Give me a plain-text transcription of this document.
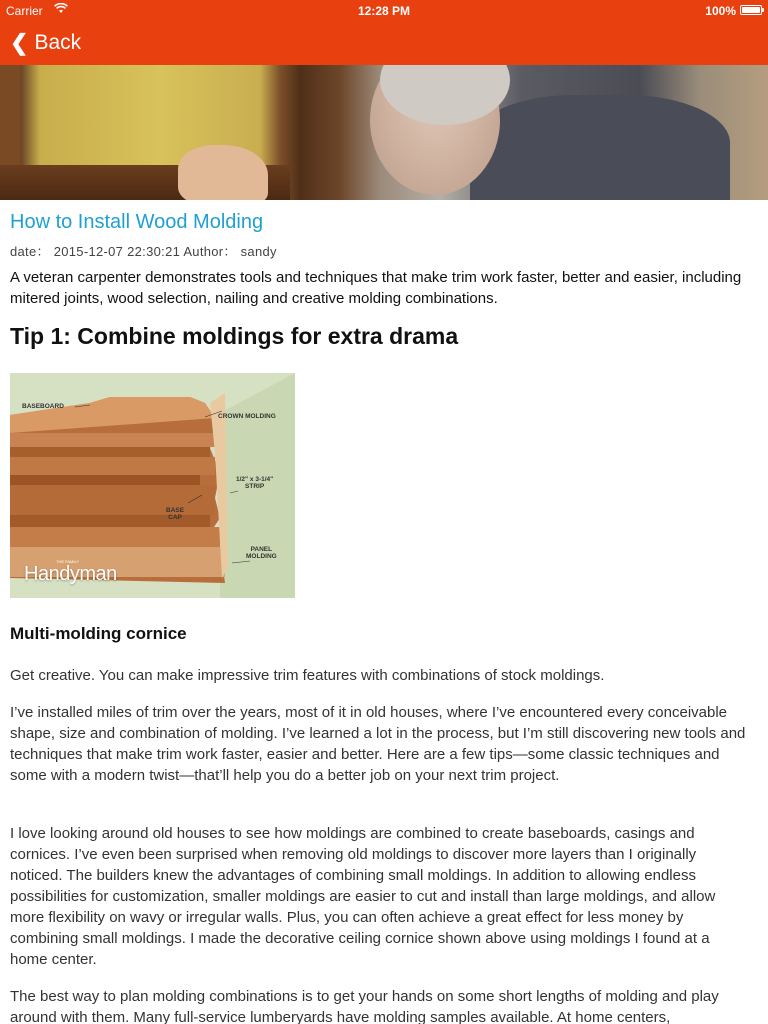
Carrier	12:28 PM	100%
❮ Back
How to Install Wood Molding
date： 2015-12-07 22:30:21 Author： sandy
A veteran carpenter demonstrates tools and techniques that make trim work faster, better and easier, including mitered joints, wood selection, nailing and creative molding combinations.
Tip 1: Combine moldings for extra drama
BASEBOARD
CROWN MOLDING
1/2" x 3-1/4"
STRIP
BASE
CAP
PANEL
MOLDING
THE FAMILY
Handyman
Multi-molding cornice
Get creative. You can make impressive trim features with combinations of stock moldings.
I’ve installed miles of trim over the years, most of it in old houses, where I’ve encountered every conceivable shape, size and combination of molding. I’ve learned a lot in the process, but I’m still discovering new tools and techniques that make trim work faster, easier and better. Here are a few tips—some classic techniques and some with a modern twist—that’ll help you do a better job on your next trim project.
I love looking around old houses to see how moldings are combined to create baseboards, casings and cornices. I’ve even been surprised when removing old moldings to discover more layers than I originally noticed. The builders knew the advantages of combining small moldings. In addition to allowing endless possibilities for customization, smaller moldings are easier to cut and install than large moldings, and allow more flexibility on wavy or irregular walls. Plus, you can often achieve a great effect for less money by combining small moldings. I made the decorative ceiling cornice shown above using moldings I found at a home center.
The best way to plan molding combinations is to get your hands on some short lengths of molding and play around with them. Many full-service lumberyards have molding samples available. At home centers,
